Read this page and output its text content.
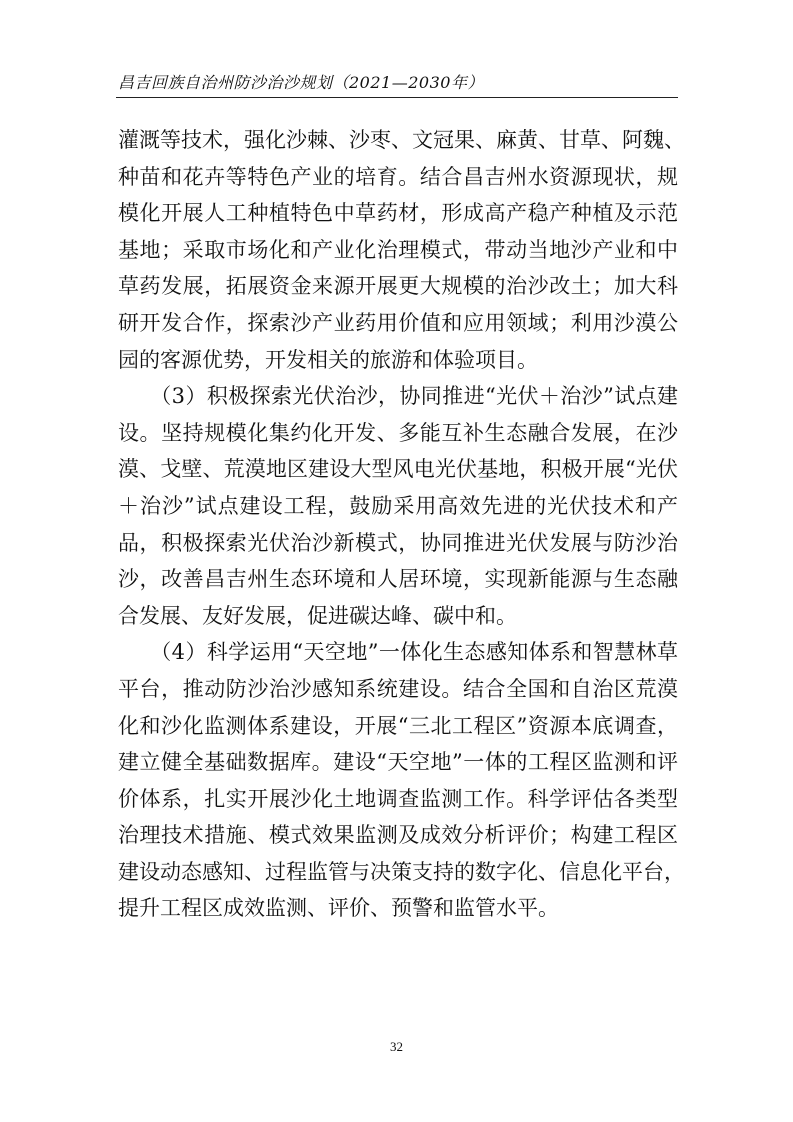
昌吉回族自治州防沙治沙规划（2021—2030年）
灌溉等技术，强化沙棘、沙枣、文冠果、麻黄、甘草、阿魏、
种苗和花卉等特色产业的培育。结合昌吉州水资源现状，规
模化开展人工种植特色中草药材，形成高产稳产种植及示范
基地；采取市场化和产业化治理模式，带动当地沙产业和中
草药发展，拓展资金来源开展更大规模的治沙改土；加大科
研开发合作，探索沙产业药用价值和应用领域；利用沙漠公
园的客源优势，开发相关的旅游和体验项目。
　　（3）积极探索光伏治沙，协同推进“光伏＋治沙”试点建
设。坚持规模化集约化开发、多能互补生态融合发展，在沙
漠、戈壁、荒漠地区建设大型风电光伏基地，积极开展“光伏
＋治沙”试点建设工程，鼓励采用高效先进的光伏技术和产
品，积极探索光伏治沙新模式，协同推进光伏发展与防沙治
沙，改善昌吉州生态环境和人居环境，实现新能源与生态融
合发展、友好发展，促进碳达峰、碳中和。
　　（4）科学运用“天空地”一体化生态感知体系和智慧林草
平台，推动防沙治沙感知系统建设。结合全国和自治区荒漠
化和沙化监测体系建设，开展“三北工程区”资源本底调查，
建立健全基础数据库。建设“天空地”一体的工程区监测和评
价体系，扎实开展沙化土地调查监测工作。科学评估各类型
治理技术措施、模式效果监测及成效分析评价；构建工程区
建设动态感知、过程监管与决策支持的数字化、信息化平台，
提升工程区成效监测、评价、预警和监管水平。
32
